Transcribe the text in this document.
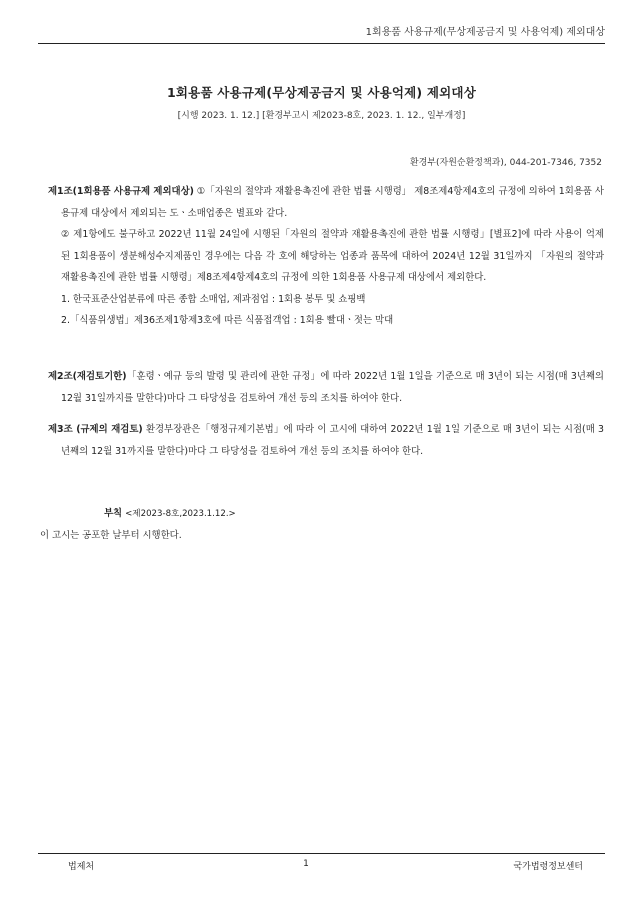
1회용품 사용규제(무상제공금지 및 사용억제) 제외대상
1회용품 사용규제(무상제공금지 및 사용억제) 제외대상
[시행 2023. 1. 12.] [환경부고시 제2023-8호, 2023. 1. 12., 일부개정]
환경부(자원순환정책과), 044-201-7346, 7352
제1조(1회용품 사용규제 제외대상) ①「자원의 절약과 재활용촉진에 관한 법률 시행령」 제8조제4항제4호의 규정에 의하여 1회용품 사용규제 대상에서 제외되는 도ㆍ소매업종은 별표와 같다.
② 제1항에도 불구하고 2022년 11월 24일에 시행된「자원의 절약과 재활용촉진에 관한 법률 시행령」[별표2]에 따라 사용이 억제된 1회용품이 생분해성수지제품인 경우에는 다음 각 호에 해당하는 업종과 품목에 대하여 2024년 12월 31일까지 「자원의 절약과 재활용촉진에 관한 법률 시행령」제8조제4항제4호의 규정에 의한 1회용품 사용규제 대상에서 제외한다.
1. 한국표준산업분류에 따른 종합 소매업, 제과점업 : 1회용 봉투 및 쇼핑백
2.「식품위생법」제36조제1항제3호에 따른 식품접객업 : 1회용 빨대ㆍ젓는 막대
제2조(재검토기한)「훈령ㆍ예규 등의 발령 및 관리에 관한 규정」에 따라 2022년 1월 1일을 기준으로 매 3년이 되는 시점(매 3년째의 12월 31일까지를 말한다)마다 그 타당성을 검토하여 개선 등의 조치를 하여야 한다.
제3조 (규제의 재검토) 환경부장관은「행정규제기본법」에 따라 이 고시에 대하여 2022년 1월 1일 기준으로 매 3년이 되는 시점(매 3년째의 12월 31까지를 말한다)마다 그 타당성을 검토하여 개선 등의 조치를 하여야 한다.
부칙 <제2023-8호,2023.1.12.>
이 고시는 공포한 날부터 시행한다.
법제처	1	국가법령정보센터
